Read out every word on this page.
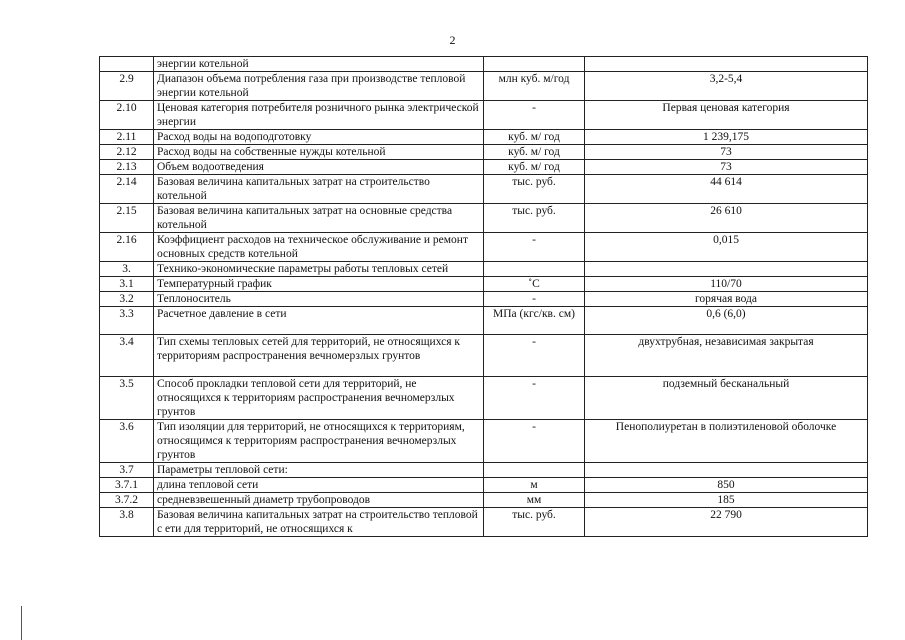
2
	энергии котельной		
2.9	Диапазон объема потребления газа при производстве тепловой энергии котельной	млн куб. м/год	3,2-5,4
2.10	Ценовая категория потребителя розничного рынка электрической энергии	-	Первая ценовая категория
2.11	Расход воды на водоподготовку	куб. м/ год	1 239,175
2.12	Расход воды на собственные нужды котельной	куб. м/ год	73
2.13	Объем водоотведения	куб. м/ год	73
2.14	Базовая величина капитальных затрат на строительство котельной	тыс. руб.	44 614
2.15	Базовая величина капитальных затрат на основные средства котельной	тыс. руб.	26 610
2.16	Коэффициент расходов на техническое обслуживание и ремонт основных средств котельной	-	0,015
3.	Технико-экономические параметры работы тепловых сетей		
3.1	Температурный график	˚С	110/70
3.2	Теплоноситель	-	горячая вода
3.3	Расчетное давление в сети	МПа (кгс/кв. см)	0,6 (6,0)
3.4	Тип схемы тепловых сетей для территорий, не относящихся к территориям распространения вечномерзлых грунтов	-	двухтрубная, независимая закрытая
3.5	Способ прокладки тепловой сети для территорий, не относящихся к территориям распространения вечномерзлых грунтов	-	подземный бесканальный
3.6	Тип изоляции для территорий, не относящихся к территориям, относящимся к территориям распространения вечномерзлых грунтов	-	Пенополиуретан в полиэтиленовой оболочке
3.7	Параметры тепловой сети:		
3.7.1	длина тепловой сети	м	850
3.7.2	средневзвешенный диаметр трубопроводов	мм	185
3.8	Базовая величина капитальных затрат на строительство тепловой с ети для территорий, не относящихся к	тыс. руб.	22 790
